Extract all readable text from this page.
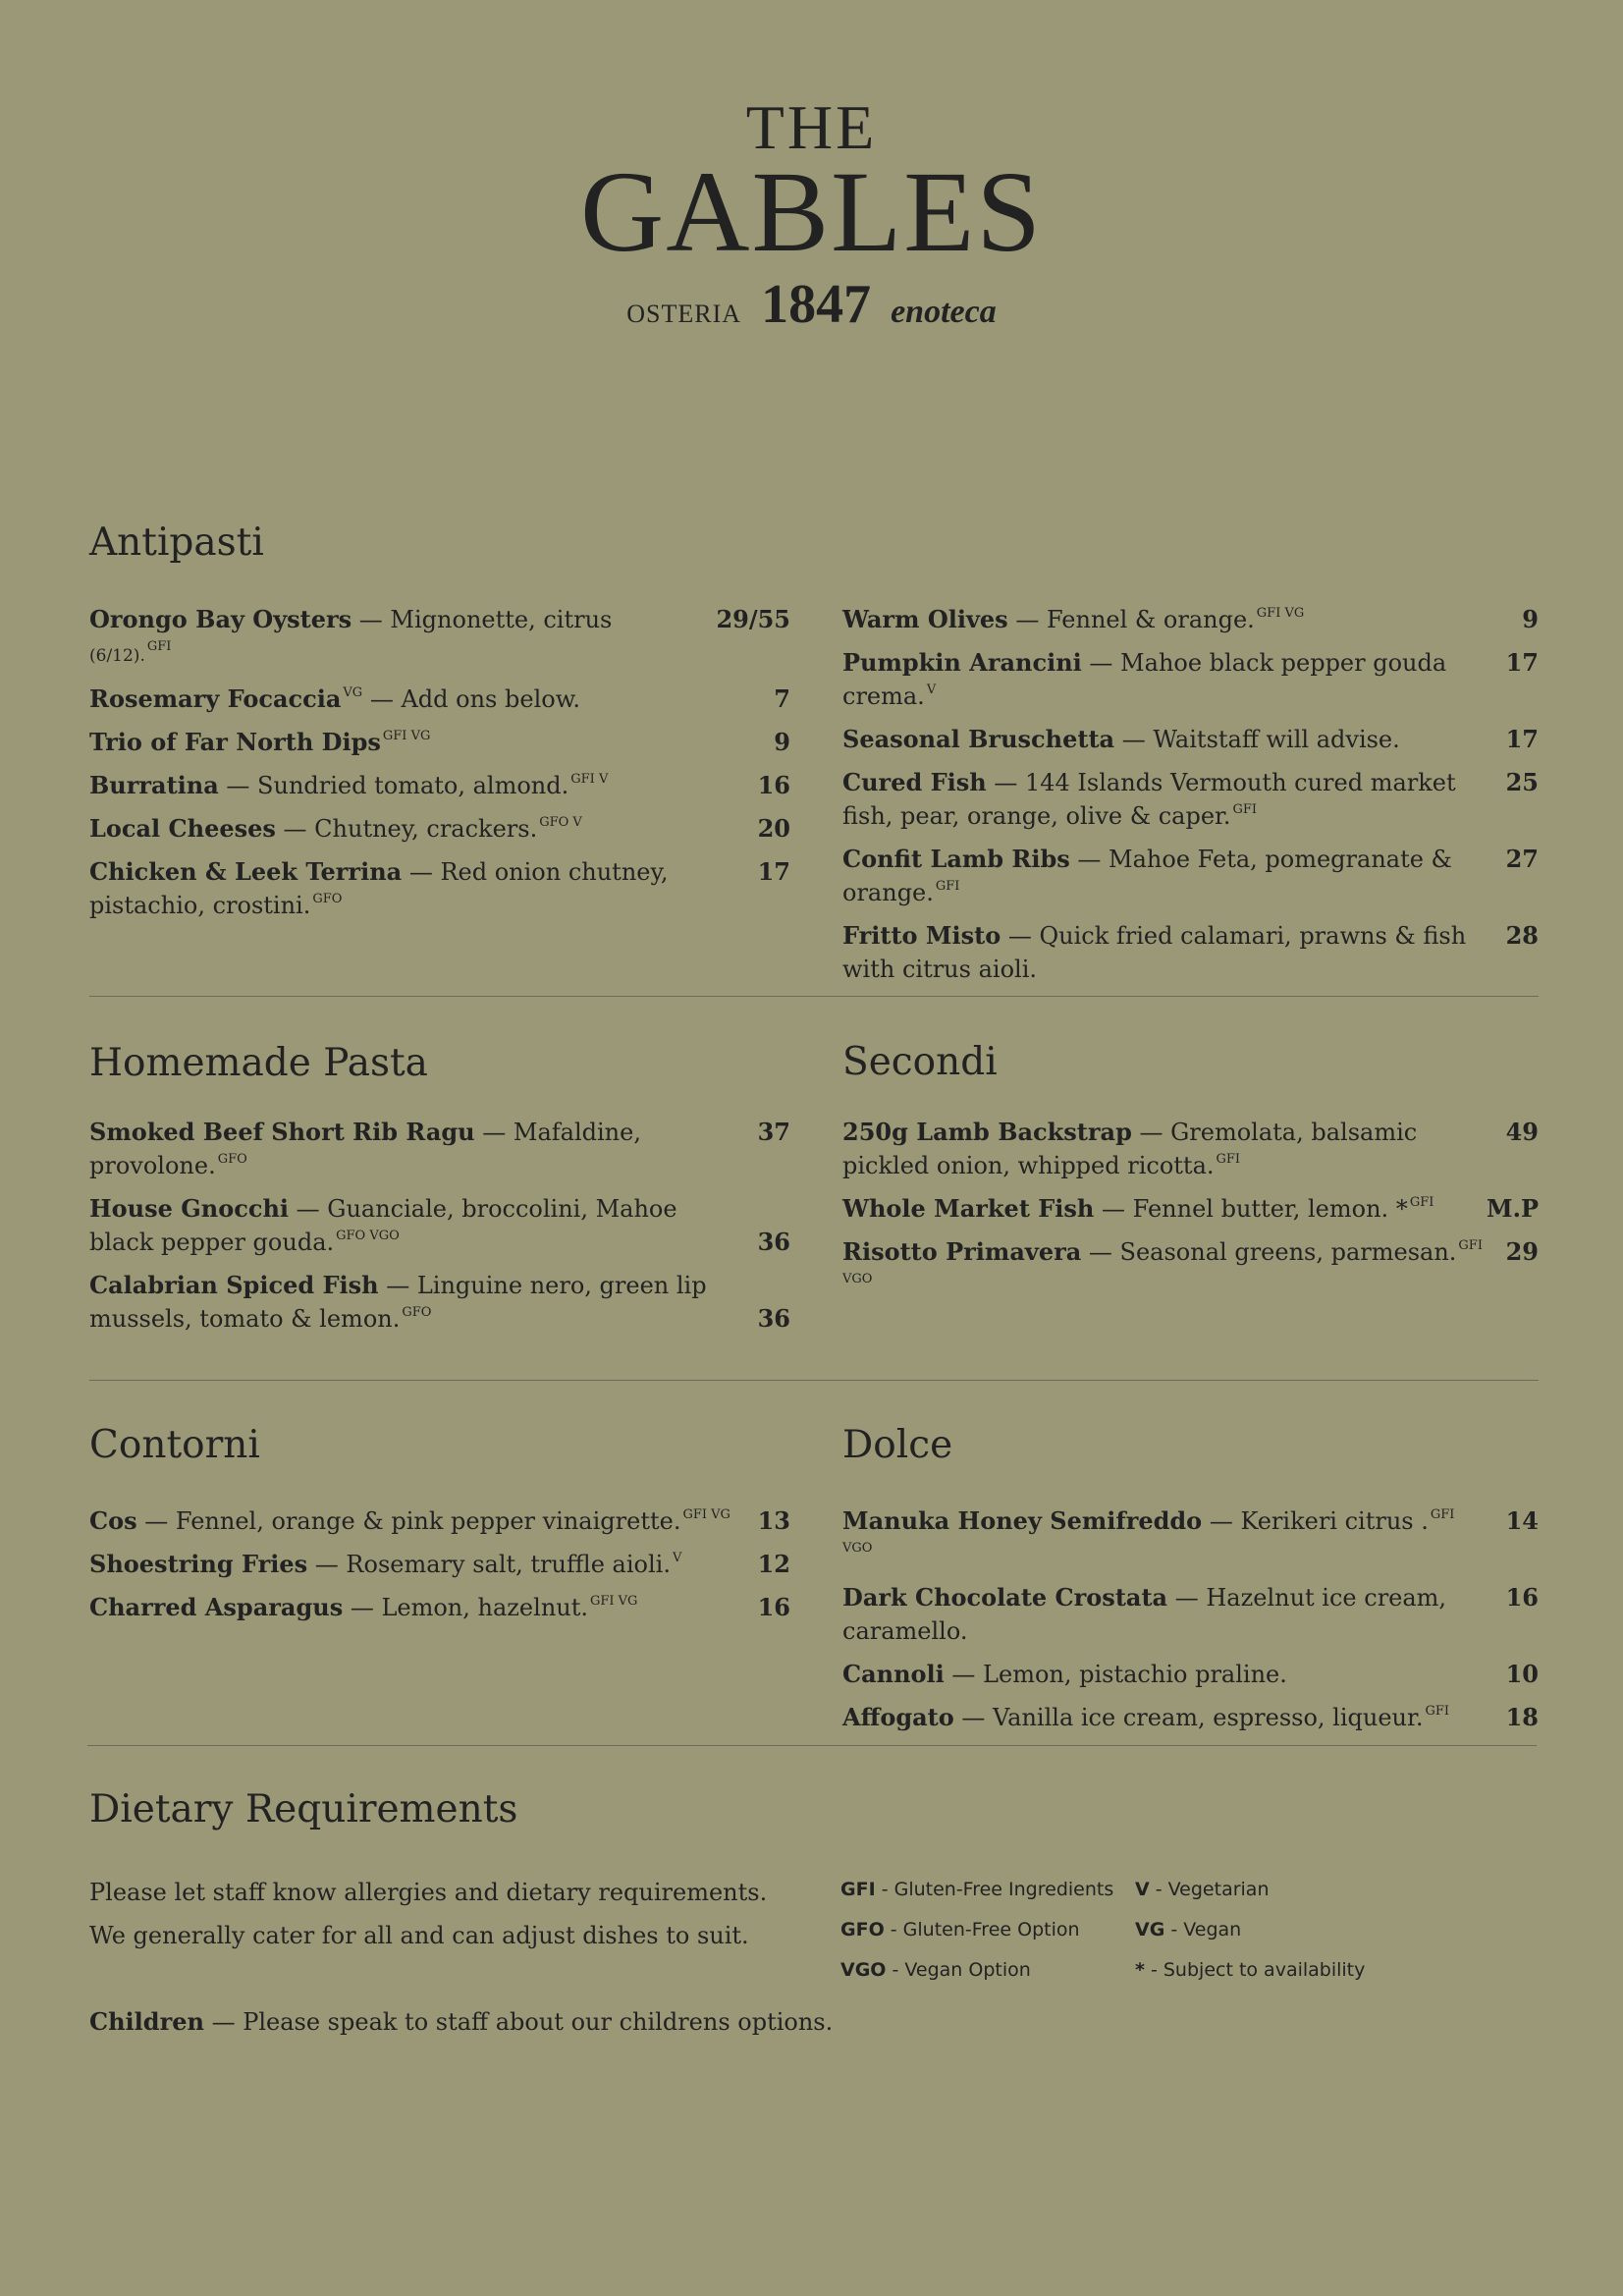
THE
GABLES
OSTERIA 1847 enoteca
Antipasti
Orongo Bay Oysters — Mignonette, citrus (6/12). $^{GFI}$
29/55
Rosemary Focaccia $^{VG}$ — Add ons below.	7
Trio of Far North Dips $^{GFI VG}$	9
Burratina — Sundried tomato, almond. $^{GFI V}$	16
Local Cheeses — Chutney, crackers. $^{GFO V}$	20
Chicken & Leek Terrina — Red onion chutney, pistachio, crostini. $^{GFO}$
17
Warm Olives — Fennel & orange. $^{GFI VG}$	9
Pumpkin Arancini — Mahoe black pepper gouda crema. $^V$
17
Seasonal Bruschetta — Waitstaff will advise.	17
Cured Fish — 144 Islands Vermouth cured market fish, pear, orange, olive & caper. $^{GFI}$
25
Confit Lamb Ribs — Mahoe Feta, pomegranate & orange. $^{GFI}$
27
Fritto Misto — Quick fried calamari, prawns & fish with citrus aioli.
28
Homemade Pasta
Smoked Beef Short Rib Ragu — Mafaldine, provolone. $^{GFO}$
37
House Gnocchi — Guanciale, broccolini, Mahoe black pepper gouda. $^{GFO VGO}$	36
Calabrian Spiced Fish — Linguine nero, green lip mussels, tomato & lemon. $^{GFO}$	36
Secondi
250g Lamb Backstrap — Gremolata, balsamic pickled onion, whipped ricotta. $^{GFI}$
49
Whole Market Fish — Fennel butter, lemon. * $^{GFI}$	M.P
Risotto Primavera — Seasonal greens, parmesan. $^{GFI VGO}$
29
Contorni
Cos — Fennel, orange & pink pepper vinaigrette. $^{GFI VG}$	13
Shoestring Fries — Rosemary salt, truffle aioli. $^V$	12
Charred Asparagus — Lemon, hazelnut. $^{GFI VG}$	16
Dolce
Manuka Honey Semifreddo — Kerikeri citrus . $^{GFI VGO}$
14
Dark Chocolate Crostata — Hazelnut ice cream, caramello.
16
Cannoli — Lemon, pistachio praline.	10
Affogato — Vanilla ice cream, espresso, liqueur. $^{GFI}$	18
Dietary Requirements
Please let staff know allergies and dietary requirements.
We generally cater for all and can adjust dishes to suit.
Children — Please speak to staff about our childrens options.
GFI - Gluten-Free Ingredients
GFO - Gluten-Free Option
VGO - Vegan Option
V - Vegetarian
VG - Vegan
* - Subject to availability
